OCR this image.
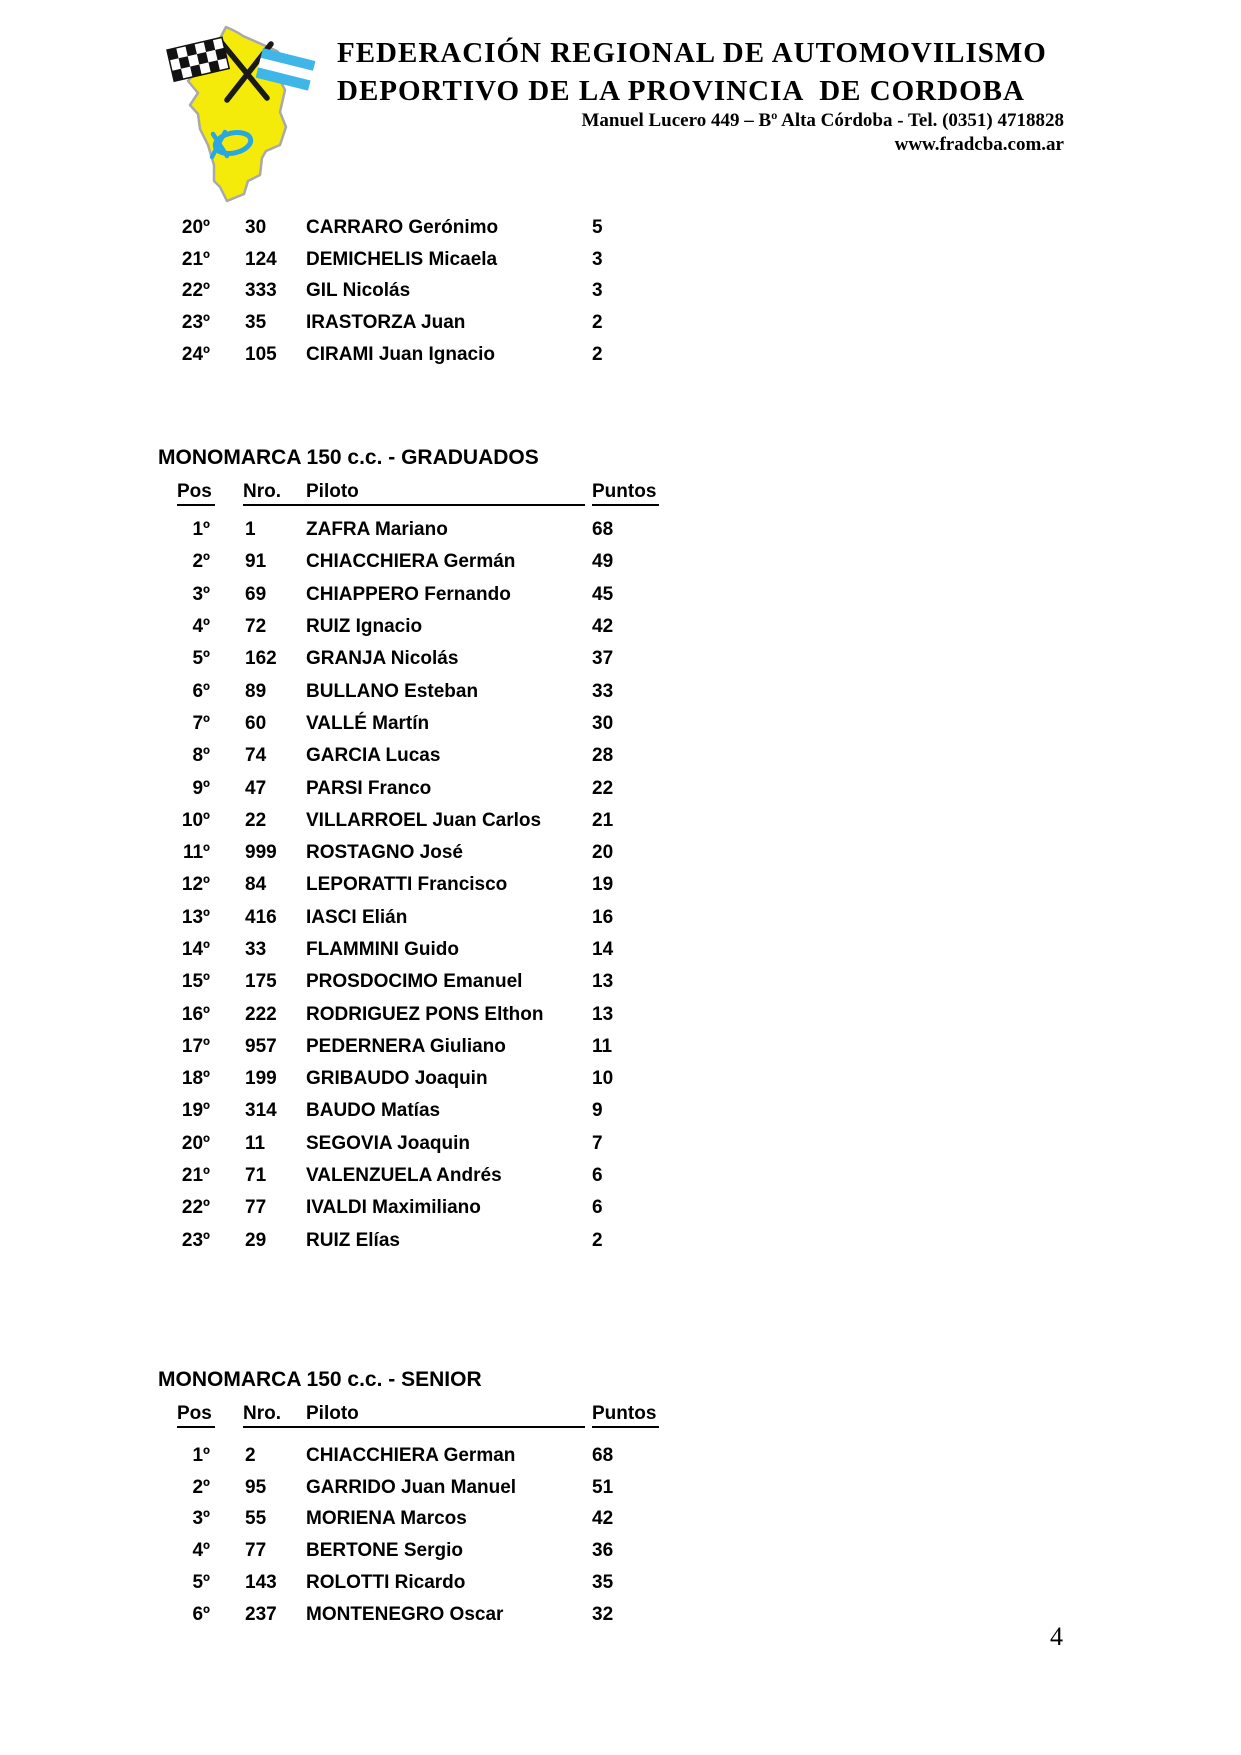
FEDERACIÓN REGIONAL DE AUTOMOVILISMO
DEPORTIVO DE LA PROVINCIA  DE CORDOBA
Manuel Lucero 449 – Bº Alta Córdoba - Tel. (0351) 4718828
www.fradcba.com.ar
20º 30	CARRARO Gerónimo	5
21º 124	DEMICHELIS Micaela	3
22º 333	GIL Nicolás	3
23º 35	IRASTORZA Juan	2
24º 105	CIRAMI Juan Ignacio	2
MONOMARCA 150 c.c. - GRADUADOS
Pos Nro. Piloto	Puntos
1º 1	ZAFRA Mariano	68
2º 91	CHIACCHIERA Germán	49
3º 69	CHIAPPERO Fernando	45
4º 72	RUIZ Ignacio	42
5º 162	GRANJA Nicolás	37
6º 89	BULLANO Esteban	33
7º 60	VALLÉ Martín	30
8º 74	GARCIA Lucas	28
9º 47	PARSI Franco	22
10º 22	VILLARROEL Juan Carlos	21
11º 999	ROSTAGNO José	20
12º 84	LEPORATTI Francisco	19
13º 416	IASCI Elián	16
14º 33	FLAMMINI Guido	14
15º 175	PROSDOCIMO Emanuel	13
16º 222	RODRIGUEZ PONS Elthon	13
17º 957	PEDERNERA Giuliano	11
18º 199	GRIBAUDO Joaquin	10
19º 314	BAUDO Matías	9
20º 11	SEGOVIA Joaquin	7
21º 71	VALENZUELA Andrés	6
22º 77	IVALDI Maximiliano	6
23º 29	RUIZ Elías	2
MONOMARCA 150 c.c. - SENIOR
Pos Nro. Piloto	Puntos
1º 2	CHIACCHIERA German	68
2º 95	GARRIDO Juan Manuel	51
3º 55	MORIENA Marcos	42
4º 77	BERTONE Sergio	36
5º 143	ROLOTTI Ricardo	35
6º 237	MONTENEGRO Oscar	32
4
